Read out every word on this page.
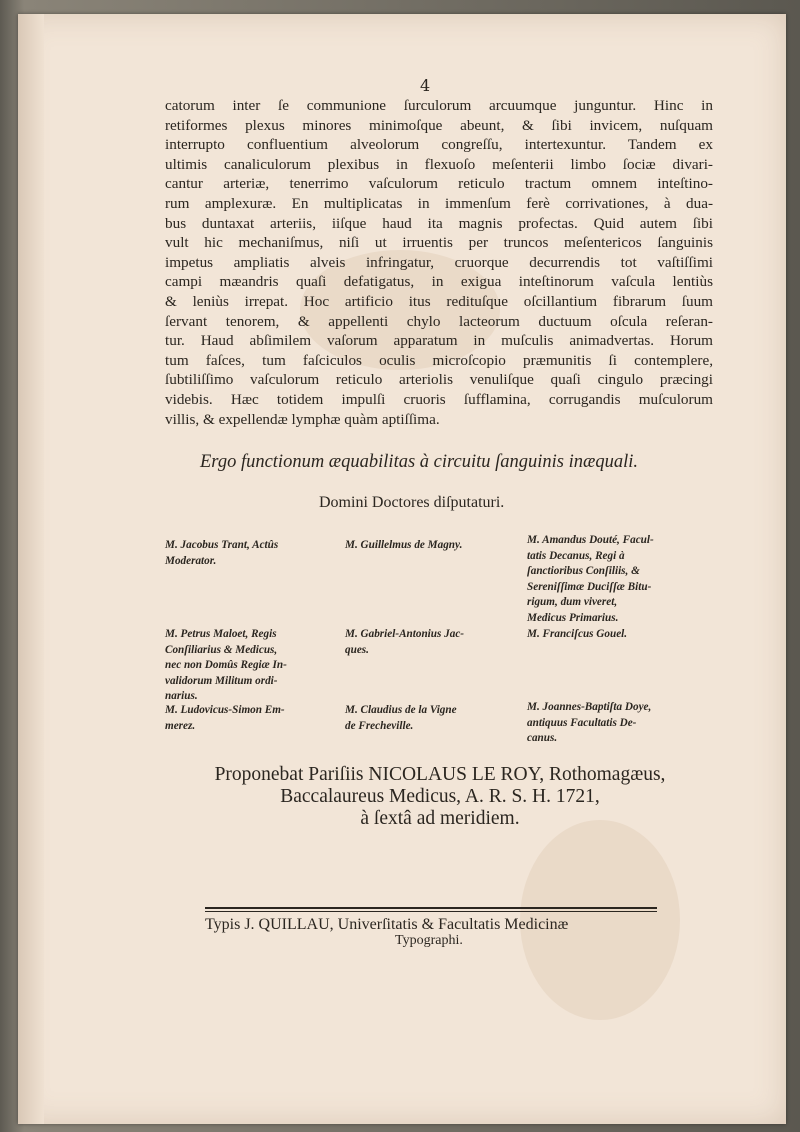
4

catorum inter ſe communione ſurculorum arcuumque junguntur. Hinc in
retiformes plexus minores minimoſque abeunt, & ſibi invicem, nuſquam
interrupto confluentium alveolorum congreſſu, intertexuntur. Tandem ex
ultimis canaliculorum plexibus in flexuoſo meſenterii limbo ſociæ divari-
cantur arteriæ, tenerrimo vaſculorum reticulo tractum omnem inteſtino-
rum amplexuræ. En multiplicatas in immenſum ferè corrivationes, à dua-
bus duntaxat arteriis, iiſque haud ita magnis profectas. Quid autem ſibi
vult hic mechaniſmus, niſi ut irruentis per truncos meſentericos ſanguinis
impetus ampliatis alveis infringatur, cruorque decurrendis tot vaſtiſſimi
campi mæandris quaſi defatigatus, in exigua inteſtinorum vaſcula lentiùs
& leniùs irrepat. Hoc artificio itus redituſque oſcillantium fibrarum ſuum
ſervant tenorem, & appellenti chylo lacteorum ductuum oſcula reſeran-
tur. Haud abſimilem vaſorum apparatum in muſculis animadvertas. Horum
tum faſces, tum faſciculos oculis microſcopio præmunitis ſi contemplere,
ſubtiliſſimo vaſculorum reticulo arteriolis venuliſque quaſi cingulo præcingi
videbis. Hæc totidem impulſi cruoris ſufflamina, corrugandis muſculorum
villis, & expellendæ lymphæ quàm aptiſſima.

Ergo functionum æquabilitas à circuitu ſanguinis inæquali.

Domini Doctores diſputaturi.

M. Jacobus Trant, Actûs
Moderator.

M. Guillelmus de Magny.	M. Amandus Douté, Facul-
tatis Decanus, Regi à
ſanctioribus Conſiliis, &
Sereniſſimæ Duciſſæ Bitu-
rigum, dum viveret,
Medicus Primarius.

M. Petrus Maloet, Regis
Conſiliarius & Medicus,
nec non Domûs Regiæ In-
validorum Militum ordi-
narius.

M. Gabriel-Antonius Jac-
ques.

M. Franciſcus Gouel.

M. Ludovicus-Simon Em-
merez.

M. Claudius de la Vigne
de Frecheville.

M. Joannes-Baptiſta Doye,
antiquus Facultatis De-
canus.

Proponebat Pariſiis NICOLAUS LE ROY, Rothomagæus,
Baccalaureus Medicus, A. R. S. H. 1721,
à ſextâ ad meridiem.

Typis J. QUILLAU, Univerſitatis & Facultatis Medicinæ
Typographi.
